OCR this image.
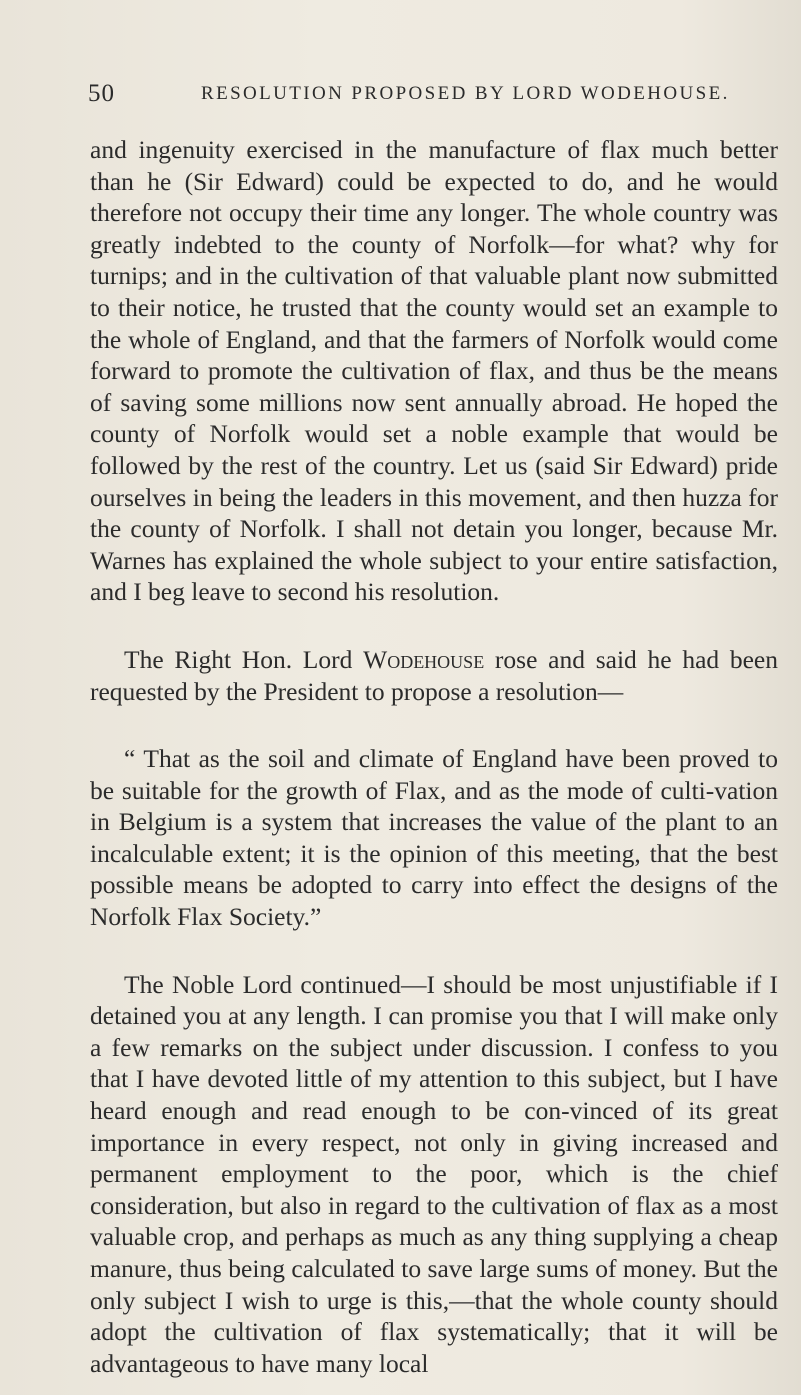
50	RESOLUTION PROPOSED BY LORD WODEHOUSE.

and ingenuity exercised in the manufacture of flax much better than he (Sir Edward) could be expected to do, and he would therefore not occupy their time any longer. The whole country was greatly indebted to the county of Norfolk—for what? why for turnips; and in the cultivation of that valuable plant now submitted to their notice, he trusted that the county would set an example to the whole of England, and that the farmers of Norfolk would come forward to promote the cultivation of flax, and thus be the means of saving some millions now sent annually abroad. He hoped the county of Norfolk would set a noble example that would be followed by the rest of the country. Let us (said Sir Edward) pride ourselves in being the leaders in this movement, and then huzza for the county of Norfolk. I shall not detain you longer, because Mr. Warnes has explained the whole subject to your entire satisfaction, and I beg leave to second his resolution.

The Right Hon. Lord Wodehouse rose and said he had been requested by the President to propose a resolution—

“ That as the soil and climate of England have been proved to be suitable for the growth of Flax, and as the mode of culti-vation in Belgium is a system that increases the value of the plant to an incalculable extent; it is the opinion of this meeting, that the best possible means be adopted to carry into effect the designs of the Norfolk Flax Society.”

The Noble Lord continued—I should be most unjustifiable if I detained you at any length. I can promise you that I will make only a few remarks on the subject under discussion. I confess to you that I have devoted little of my attention to this subject, but I have heard enough and read enough to be con-vinced of its great importance in every respect, not only in giving increased and permanent employment to the poor, which is the chief consideration, but also in regard to the cultivation of flax as a most valuable crop, and perhaps as much as any thing supplying a cheap manure, thus being calculated to save large sums of money. But the only subject I wish to urge is this,—that the whole county should adopt the cultivation of flax systematically; that it will be advantageous to have many local
